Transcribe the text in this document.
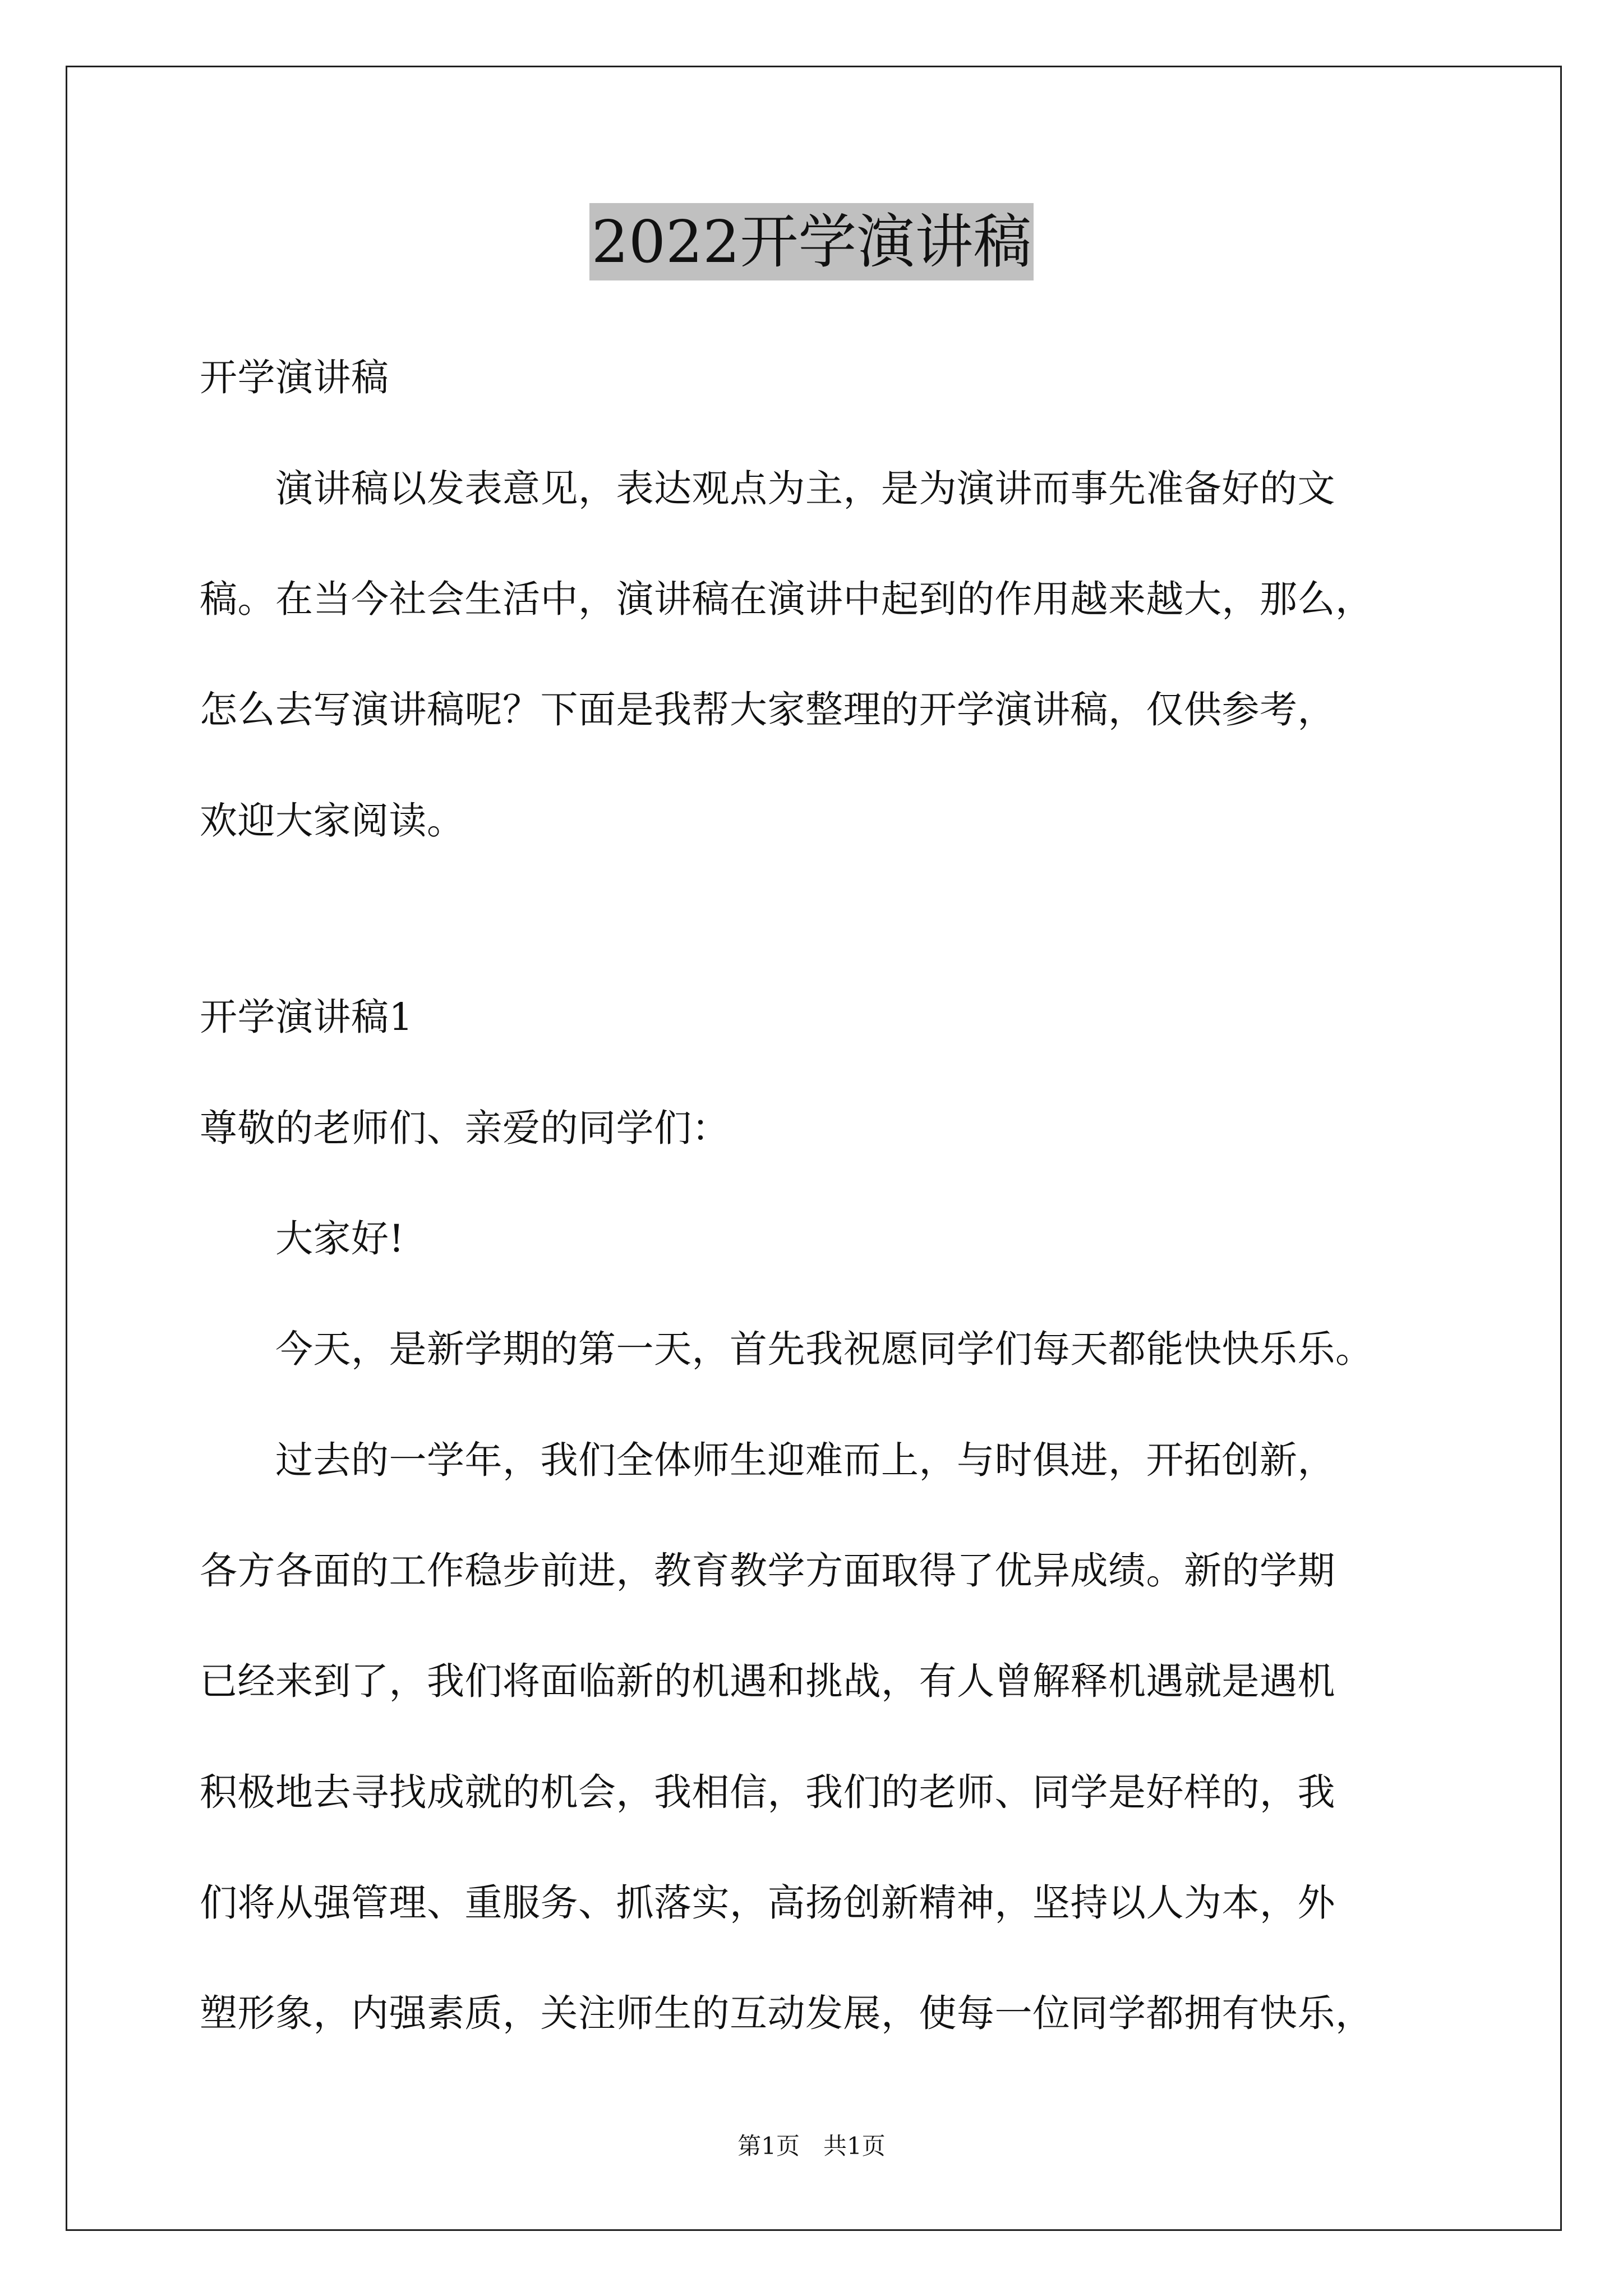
2022开学演讲稿
开学演讲稿
　　演讲稿以发表意见，表达观点为主，是为演讲而事先准备好的文
稿。在当今社会生活中，演讲稿在演讲中起到的作用越来越大，那么，
怎么去写演讲稿呢？下面是我帮大家整理的开学演讲稿，仅供参考，
欢迎大家阅读。
开学演讲稿1
尊敬的老师们、亲爱的同学们：
　　大家好!
　　今天，是新学期的第一天，首先我祝愿同学们每天都能快快乐乐。
　　过去的一学年，我们全体师生迎难而上，与时俱进，开拓创新，
各方各面的工作稳步前进，教育教学方面取得了优异成绩。新的学期
已经来到了，我们将面临新的机遇和挑战，有人曾解释机遇就是遇机
积极地去寻找成就的机会，我相信，我们的老师、同学是好样的，我
们将从强管理、重服务、抓落实，高扬创新精神，坚持以人为本，外
塑形象，内强素质，关注师生的互动发展，使每一位同学都拥有快乐，
第1页　共1页
